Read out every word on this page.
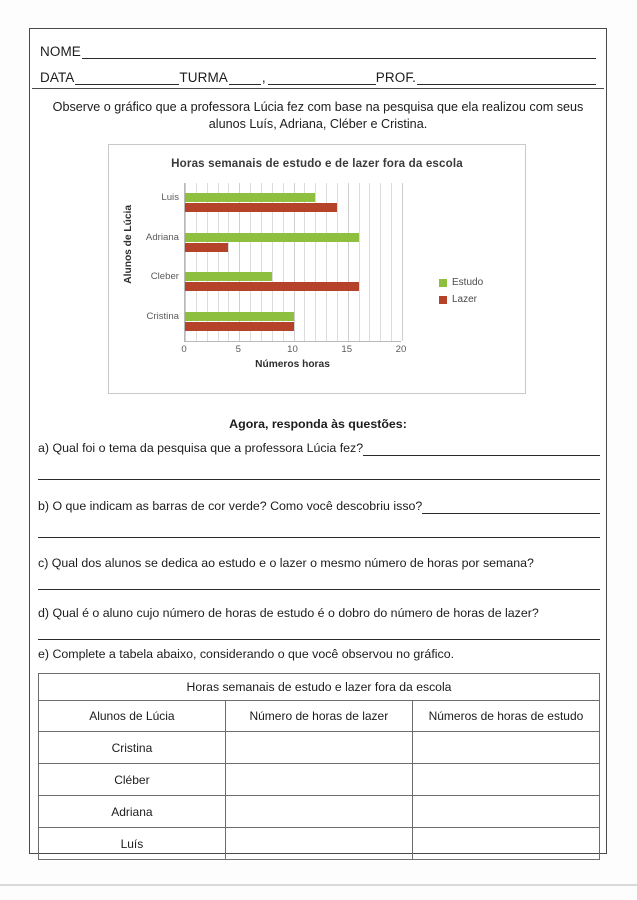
NOME
DATA	TURMA	,	PROF.
Observe o gráfico que a professora Lúcia fez com base na pesquisa que ela realizou com seus alunos Luís, Adriana, Cléber e Cristina.
Horas semanais de estudo e de lazer fora da escola
Alunos de Lúcia
Luis
Adriana
Cleber
Cristina
0	5	10	15	20
Números horas
Estudo
Lazer
Agora, responda às questões:
a) Qual foi o tema da pesquisa que a professora Lúcia fez?
b) O que indicam as barras de cor verde? Como você descobriu isso?
c) Qual dos alunos se dedica ao estudo e o lazer o mesmo número de horas por semana?
d) Qual é o aluno cujo número de horas de estudo é o dobro do número de horas de lazer?
e) Complete a tabela abaixo, considerando o que você observou no gráfico.
Horas semanais de estudo e lazer fora da escola		
Alunos de Lúcia	Número de horas de lazer	Números de horas de estudo
Cristina		
Cléber		
Adriana		
Luís		
